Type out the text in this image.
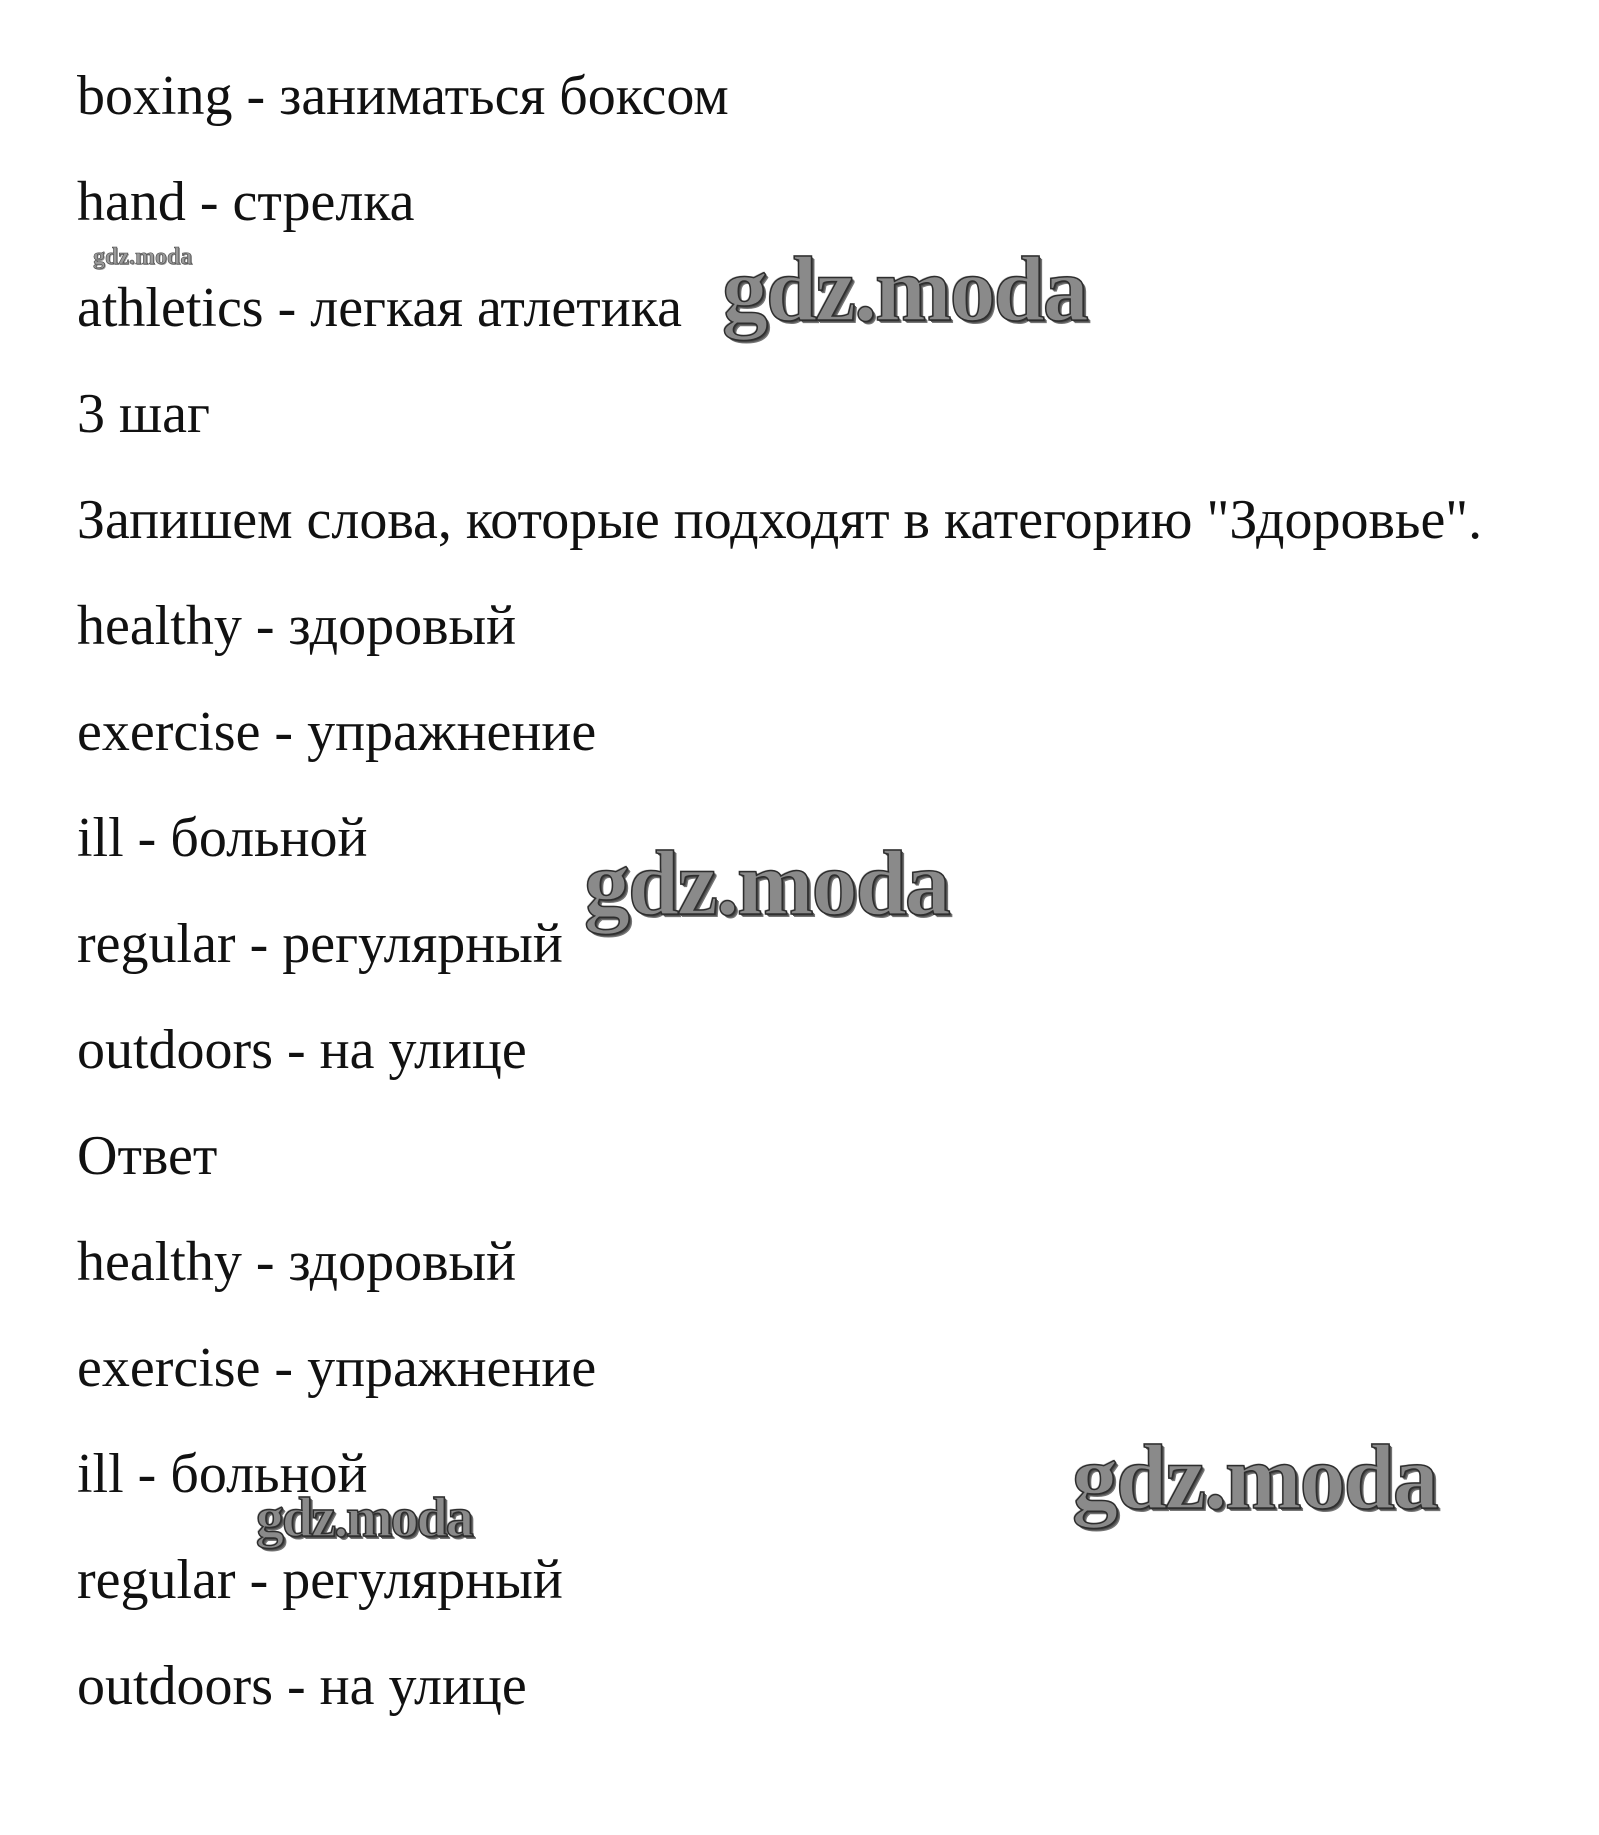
boxing - заниматься боксом
hand - стрелка
athletics - легкая атлетика
3 шаг
Запишем слова, которые подходят в категорию "Здоровье".
healthy - здоровый
exercise - упражнение
ill - больной
regular - регулярный
outdoors - на улице
Ответ
healthy - здоровый
exercise - упражнение
ill - больной
regular - регулярный
outdoors - на улице
gdz.moda	gdz.moda
gdz.moda
gdz.moda
gdz.moda
